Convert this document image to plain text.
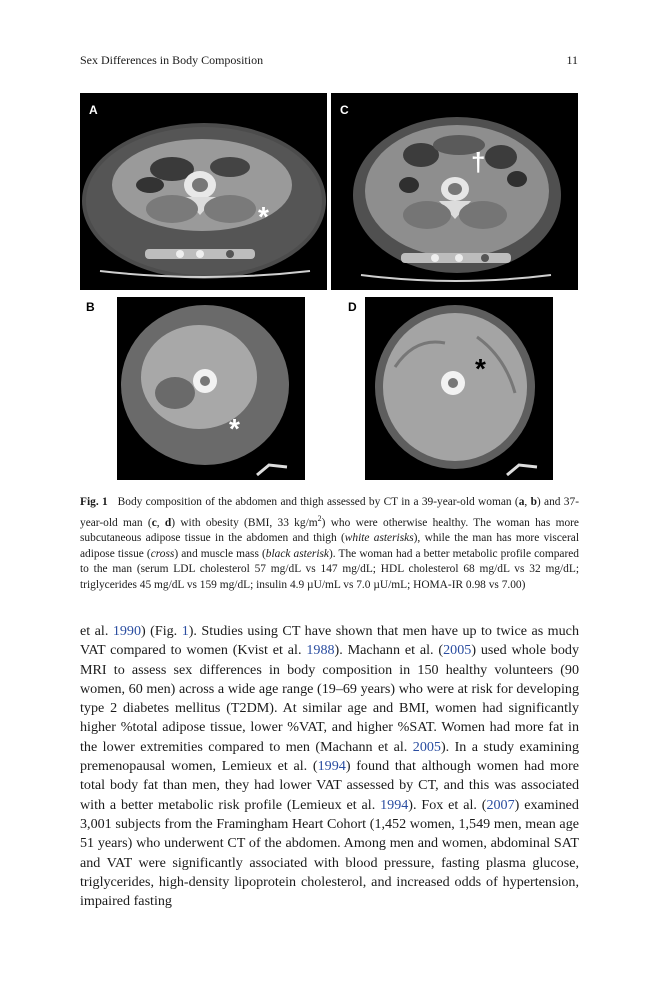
Sex Differences in Body Composition	11
A
*
C
†
B	D
*
*
Fig. 1 Body composition of the abdomen and thigh assessed by CT in a 39-year-old woman (a, b) and 37-year-old man (c, d) with obesity (BMI, 33 $kg/m^2$) who were otherwise healthy. The woman has more subcutaneous adipose tissue in the abdomen and thigh (white asterisks), while the man has more visceral adipose tissue (cross) and muscle mass (black asterisk). The woman had a better metabolic profile compared to the man (serum LDL cholesterol 57 mg/dL vs 147 mg/dL; HDL cholesterol 68 mg/dL vs 32 mg/dL; triglycerides 45 mg/dL vs 159 mg/dL; insulin 4.9 µU/mL vs 7.0 µU/mL; HOMA-IR 0.98 vs 7.00)
et al. 1990) (Fig. 1). Studies using CT have shown that men have up to twice as much VAT compared to women (Kvist et al. 1988). Machann et al. (2005) used whole body MRI to assess sex differences in body composition in 150 healthy volunteers (90 women, 60 men) across a wide age range (19–69 years) who were at risk for developing type 2 diabetes mellitus (T2DM). At similar age and BMI, women had significantly higher %total adipose tissue, lower %VAT, and higher %SAT. Women had more fat in the lower extremities compared to men (Machann et al. 2005). In a study examining premenopausal women, Lemieux et al. (1994) found that although women had more total body fat than men, they had lower VAT assessed by CT, and this was associated with a better metabolic risk profile (Lemieux et al. 1994). Fox et al. (2007) examined 3,001 subjects from the Framingham Heart Cohort (1,452 women, 1,549 men, mean age 51 years) who underwent CT of the abdomen. Among men and women, abdominal SAT and VAT were significantly associated with blood pressure, fasting plasma glucose, triglycerides, high-density lipoprotein cholesterol, and increased odds of hypertension, impaired fasting
